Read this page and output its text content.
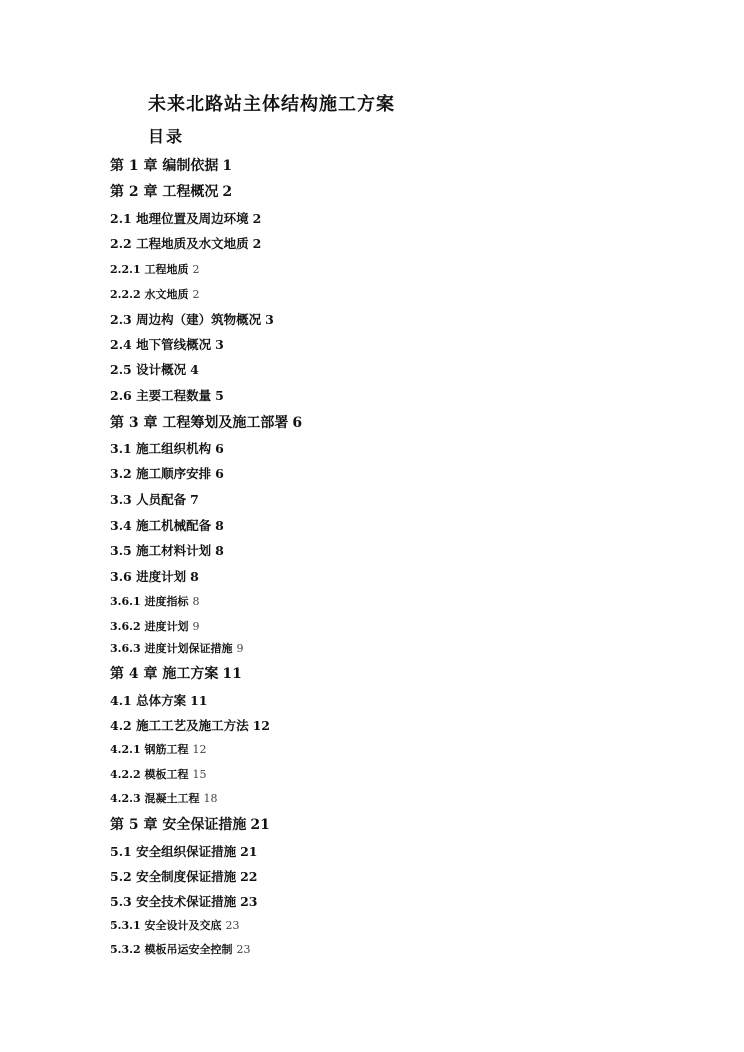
未来北路站主体结构施工方案
目录
第 1 章 编制依据 1
第 2 章 工程概况 2
2.1 地理位置及周边环境 2
2.2 工程地质及水文地质 2
2.2.1 工程地质 2
2.2.2 水文地质 2
2.3 周边构（建）筑物概况 3
2.4 地下管线概况 3
2.5 设计概况 4
2.6 主要工程数量 5
第 3 章 工程筹划及施工部署 6
3.1 施工组织机构 6
3.2 施工顺序安排 6
3.3 人员配备 7
3.4 施工机械配备 8
3.5 施工材料计划 8
3.6 进度计划 8
3.6.1 进度指标 8
3.6.2 进度计划 9
3.6.3 进度计划保证措施 9
第 4 章 施工方案 11
4.1 总体方案 11
4.2 施工工艺及施工方法 12
4.2.1 钢筋工程 12
4.2.2 模板工程 15
4.2.3 混凝土工程 18
第 5 章 安全保证措施 21
5.1 安全组织保证措施 21
5.2 安全制度保证措施 22
5.3 安全技术保证措施 23
5.3.1 安全设计及交底 23
5.3.2 模板吊运安全控制 23
